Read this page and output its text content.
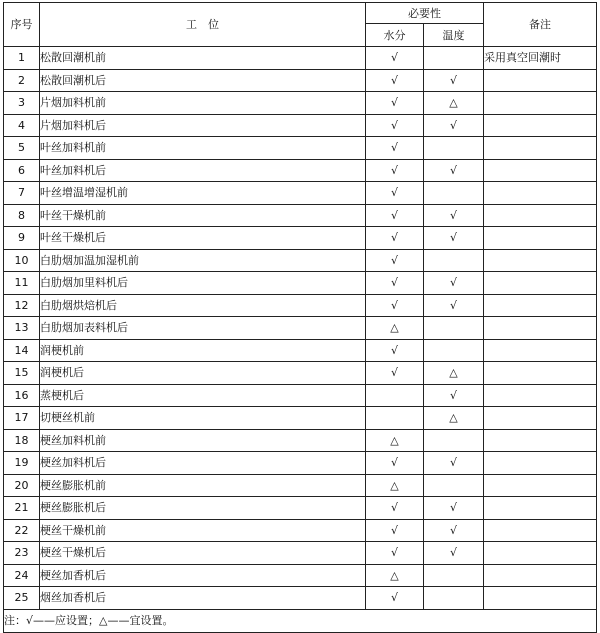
序号	工　位	必要性		备注
		水分	温度	
1	松散回潮机前	√		采用真空回潮时
2	松散回潮机后	√	√	
3	片烟加料机前	√	△	
4	片烟加料机后	√	√	
5	叶丝加料机前	√		
6	叶丝加料机后	√	√	
7	叶丝增温增湿机前	√		
8	叶丝干燥机前	√	√	
9	叶丝干燥机后	√	√	
10	白肋烟加温加湿机前	√		
11	白肋烟加里料机后	√	√	
12	白肋烟烘焙机后	√	√	
13	白肋烟加表料机后	△		
14	润梗机前	√		
15	润梗机后	√	△	
16	蒸梗机后		√	
17	切梗丝机前		△	
18	梗丝加料机前	△		
19	梗丝加料机后	√	√	
20	梗丝膨胀机前	△		
21	梗丝膨胀机后	√	√	
22	梗丝干燥机前	√	√	
23	梗丝干燥机后	√	√	
24	梗丝加香机后	△		
25	烟丝加香机后	√		
注：√——应设置；△——宜设置。				
